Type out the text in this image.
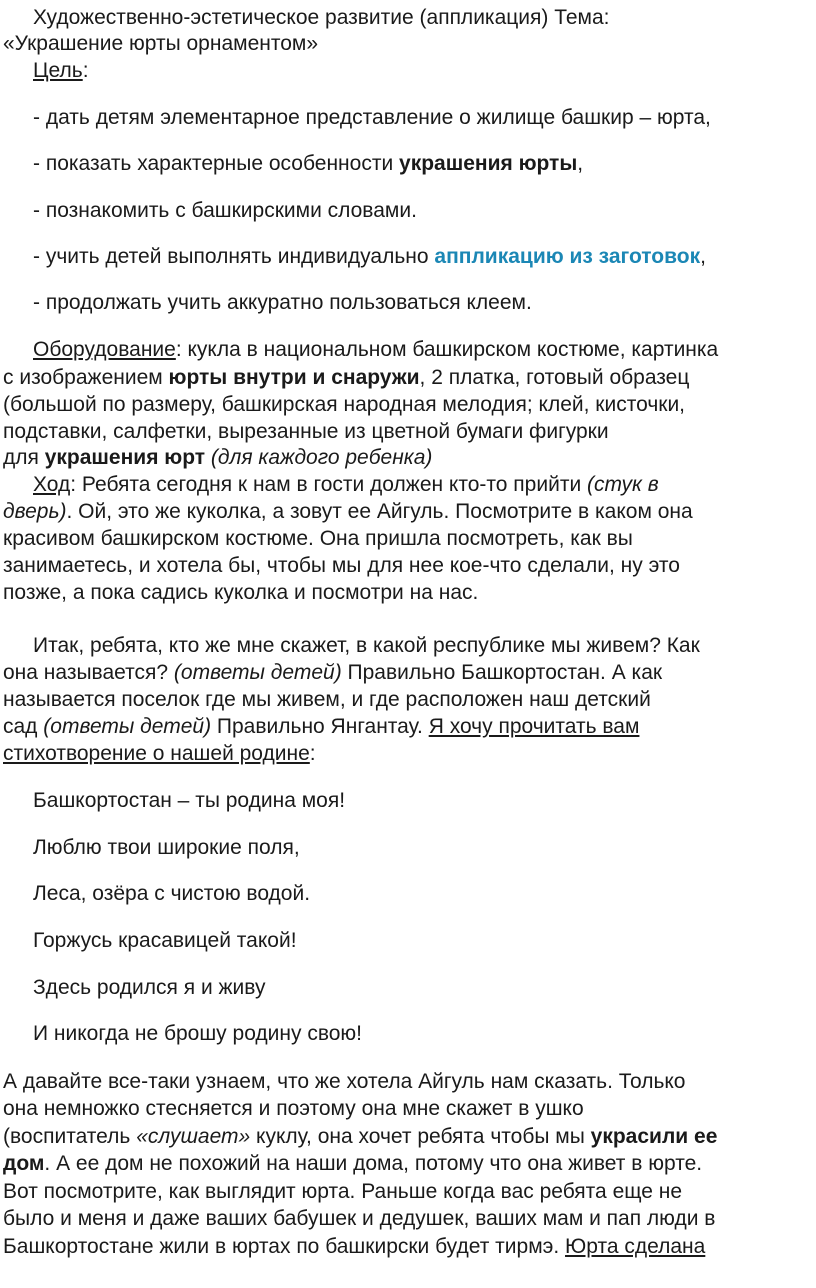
Художественно-эстетическое развитие (аппликация) Тема:
«Украшение юрты орнаментом»
Цель:
- дать детям элементарное представление о жилище башкир – юрта,
- показать характерные особенности украшения юрты,
- познакомить с башкирскими словами.
- учить детей выполнять индивидуально аппликацию из заготовок,
- продолжать учить аккуратно пользоваться клеем.
Оборудование: кукла в национальном башкирском костюме, картинка
с изображением юрты внутри и снаружи, 2 платка, готовый образец
(большой по размеру, башкирская народная мелодия; клей, кисточки,
подставки, салфетки, вырезанные из цветной бумаги фигурки
для украшения юрт (для каждого ребенка)
Ход: Ребята сегодня к нам в гости должен кто-то прийти (стук в
дверь). Ой, это же куколка, а зовут ее Айгуль. Посмотрите в каком она
красивом башкирском костюме. Она пришла посмотреть, как вы
занимаетесь, и хотела бы, чтобы мы для нее кое-что сделали, ну это
позже, а пока садись куколка и посмотри на нас.
Итак, ребята, кто же мне скажет, в какой республике мы живем? Как
она называется? (ответы детей) Правильно Башкортостан. А как
называется поселок где мы живем, и где расположен наш детский
сад (ответы детей) Правильно Янгантау. Я хочу прочитать вам
стихотворение о нашей родине:
Башкортостан – ты родина моя!
Люблю твои широкие поля,
Леса, озёра с чистою водой.
Горжусь красавицей такой!
Здесь родился я и живу
И никогда не брошу родину свою!
А давайте все-таки узнаем, что же хотела Айгуль нам сказать. Только
она немножко стесняется и поэтому она мне скажет в ушко
(воспитатель «слушает» куклу, она хочет ребята чтобы мы украсили ее
дом. А ее дом не похожий на наши дома, потому что она живет в юрте.
Вот посмотрите, как выглядит юрта. Раньше когда вас ребята еще не
было и меня и даже ваших бабушек и дедушек, ваших мам и пап люди в
Башкортостане жили в юртах по башкирски будет тирмэ. Юрта сделана
